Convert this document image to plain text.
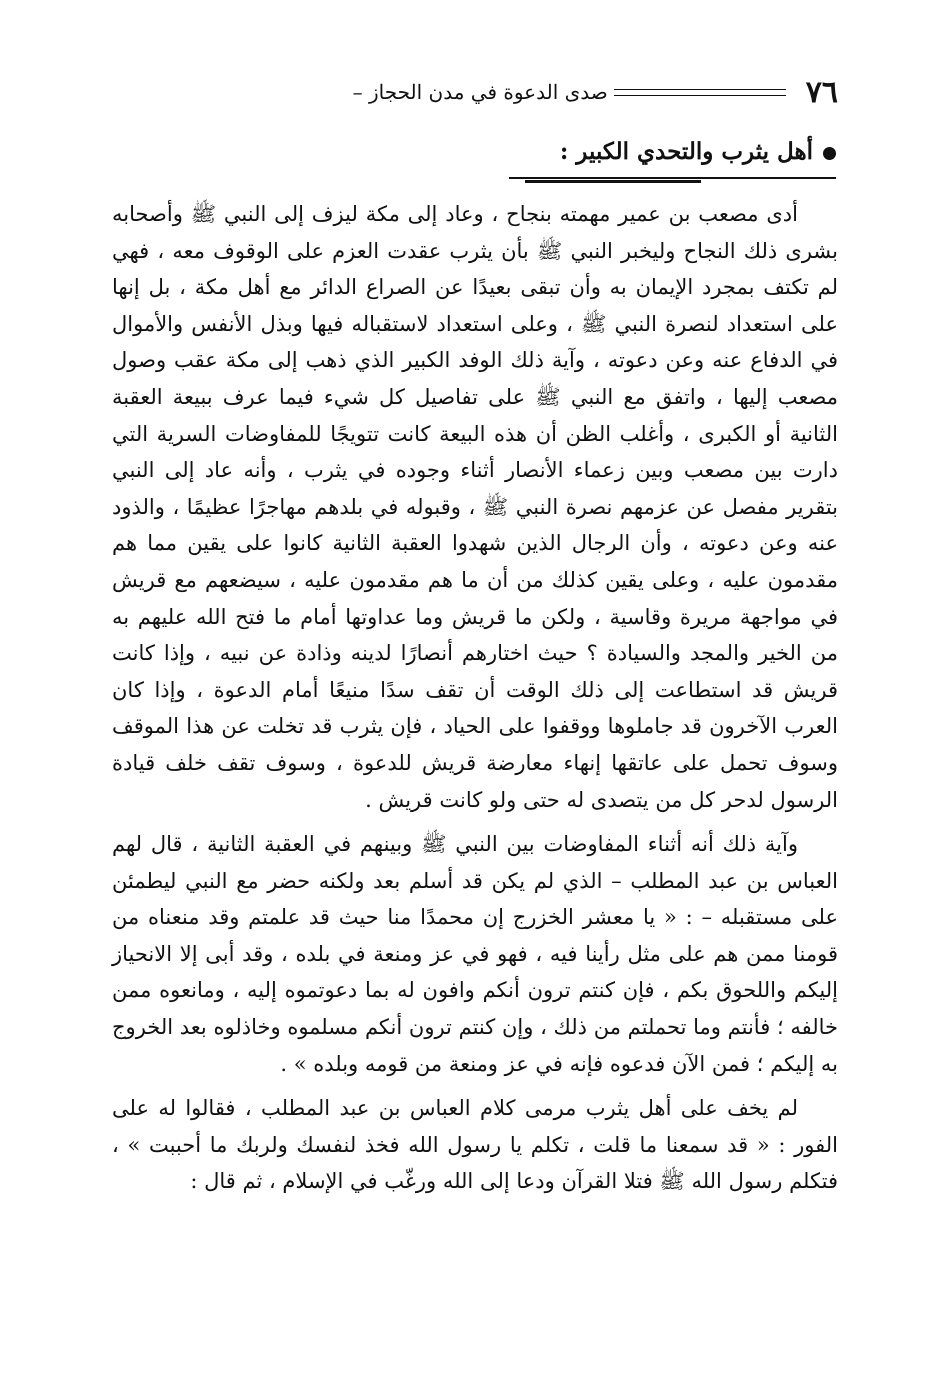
٧٦
صدى الدعوة في مدن الحجاز –
أهل يثرب والتحدي الكبير :

أدى مصعب بن عمير مهمته بنجاح ، وعاد إلى مكة ليزف إلى النبي ﷺ وأصحابه بشرى ذلك النجاح وليخبر النبي ﷺ بأن يثرب عقدت العزم على الوقوف معه ، فهي لم تكتف بمجرد الإيمان به وأن تبقى بعيدًا عن الصراع الدائر مع أهل مكة ، بل إنها على استعداد لنصرة النبي ﷺ ، وعلى استعداد لاستقباله فيها وبذل الأنفس والأموال في الدفاع عنه وعن دعوته ، وآية ذلك الوفد الكبير الذي ذهب إلى مكة عقب وصول مصعب إليها ، واتفق مع النبي ﷺ على تفاصيل كل شيء فيما عرف ببيعة العقبة الثانية أو الكبرى ، وأغلب الظن أن هذه البيعة كانت تتويجًا للمفاوضات السرية التي دارت بين مصعب وبين زعماء الأنصار أثناء وجوده في يثرب ، وأنه عاد إلى النبي بتقرير مفصل عن عزمهم نصرة النبي ﷺ ، وقبوله في بلدهم مهاجرًا عظيمًا ، والذود عنه وعن دعوته ، وأن الرجال الذين شهدوا العقبة الثانية كانوا على يقين مما هم مقدمون عليه ، وعلى يقين كذلك من أن ما هم مقدمون عليه ، سيضعهم مع قريش في مواجهة مريرة وقاسية ، ولكن ما قريش وما عداوتها أمام ما فتح الله عليهم به من الخير والمجد والسيادة ؟ حيث اختارهم أنصارًا لدينه وذادة عن نبيه ، وإذا كانت قريش قد استطاعت إلى ذلك الوقت أن تقف سدًا منيعًا أمام الدعوة ، وإذا كان العرب الآخرون قد جاملوها ووقفوا على الحياد ، فإن يثرب قد تخلت عن هذا الموقف وسوف تحمل على عاتقها إنهاء معارضة قريش للدعوة ، وسوف تقف خلف قيادة الرسول لدحر كل من يتصدى له حتى ولو كانت قريش .

وآية ذلك أنه أثناء المفاوضات بين النبي ﷺ وبينهم في العقبة الثانية ، قال لهم العباس بن عبد المطلب – الذي لم يكن قد أسلم بعد ولكنه حضر مع النبي ليطمئن على مستقبله – : « يا معشر الخزرج إن محمدًا منا حيث قد علمتم وقد منعناه من قومنا ممن هم على مثل رأينا فيه ، فهو في عز ومنعة في بلده ، وقد أبى إلا الانحياز إليكم واللحوق بكم ، فإن كنتم ترون أنكم وافون له بما دعوتموه إليه ، ومانعوه ممن خالفه ؛ فأنتم وما تحملتم من ذلك ، وإن كنتم ترون أنكم مسلموه وخاذلوه بعد الخروج به إليكم ؛ فمن الآن فدعوه فإنه في عز ومنعة من قومه وبلده » .

لم يخف على أهل يثرب مرمى كلام العباس بن عبد المطلب ، فقالوا له على الفور : « قد سمعنا ما قلت ، تكلم يا رسول الله فخذ لنفسك ولربك ما أحببت » ، فتكلم رسول الله ﷺ فتلا القرآن ودعا إلى الله ورغّب في الإسلام ، ثم قال :
